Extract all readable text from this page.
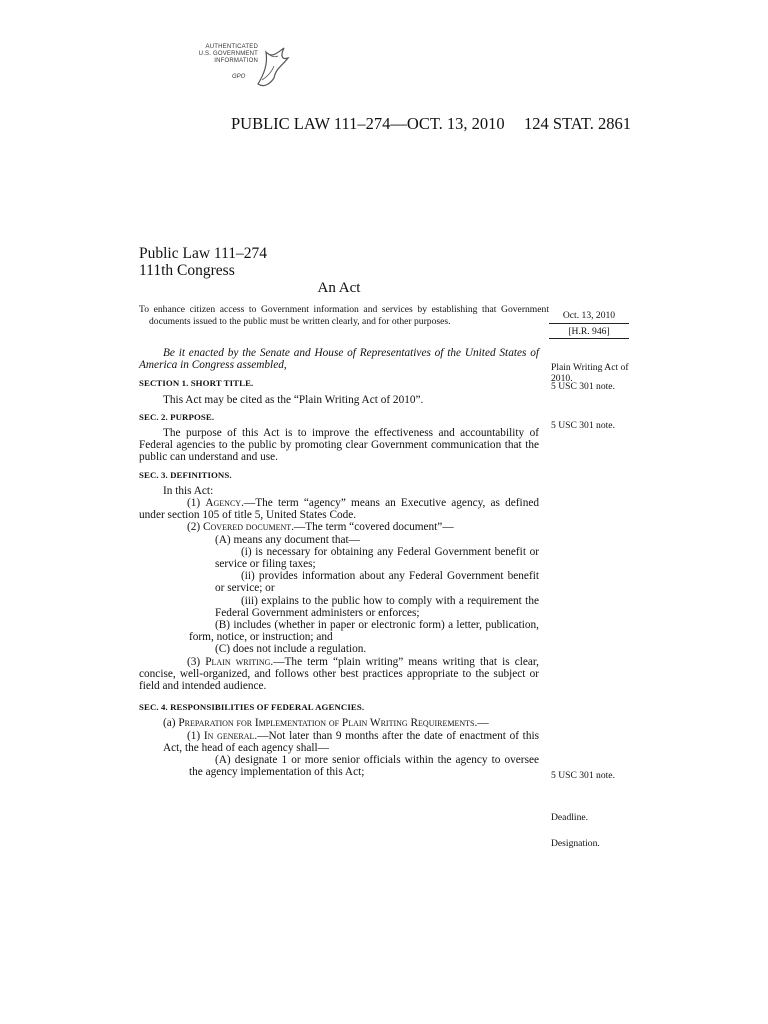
AUTHENTICATED
U.S. GOVERNMENT
INFORMATION
GPO
PUBLIC LAW 111–274—OCT. 13, 2010 124 STAT. 2861
Public Law 111–274
111th Congress
An Act
To enhance citizen access to Government information and services by establishing that Government documents issued to the public must be written clearly, and for other purposes.	Oct. 13, 2010
[H.R. 946]
Plain Writing Act of 2010.
5 USC 301 note.
5 USC 301 note.
5 USC 301 note.
Deadline.
Designation.

Be it enacted by the Senate and House of Representatives of the United States of America in Congress assembled,

SECTION 1. SHORT TITLE.

This Act may be cited as the “Plain Writing Act of 2010”.

SEC. 2. PURPOSE.

The purpose of this Act is to improve the effectiveness and accountability of Federal agencies to the public by promoting clear Government communication that the public can understand and use.

SEC. 3. DEFINITIONS.

In this Act:

(1) Agency.—The term “agency” means an Executive agency, as defined under section 105 of title 5, United States Code.

(2) Covered document.—The term “covered document”—

(A) means any document that—

(i) is necessary for obtaining any Federal Government benefit or service or filing taxes;

(ii) provides information about any Federal Government benefit or service; or

(iii) explains to the public how to comply with a requirement the Federal Government administers or enforces;

(B) includes (whether in paper or electronic form) a letter, publication, form, notice, or instruction; and

(C) does not include a regulation.

(3) Plain writing.—The term “plain writing” means writing that is clear, concise, well-organized, and follows other best practices appropriate to the subject or field and intended audience.

SEC. 4. RESPONSIBILITIES OF FEDERAL AGENCIES.

(a) Preparation for Implementation of Plain Writing Requirements.—

(1) In general.—Not later than 9 months after the date of enactment of this Act, the head of each agency shall—

(A) designate 1 or more senior officials within the agency to oversee the agency implementation of this Act;
